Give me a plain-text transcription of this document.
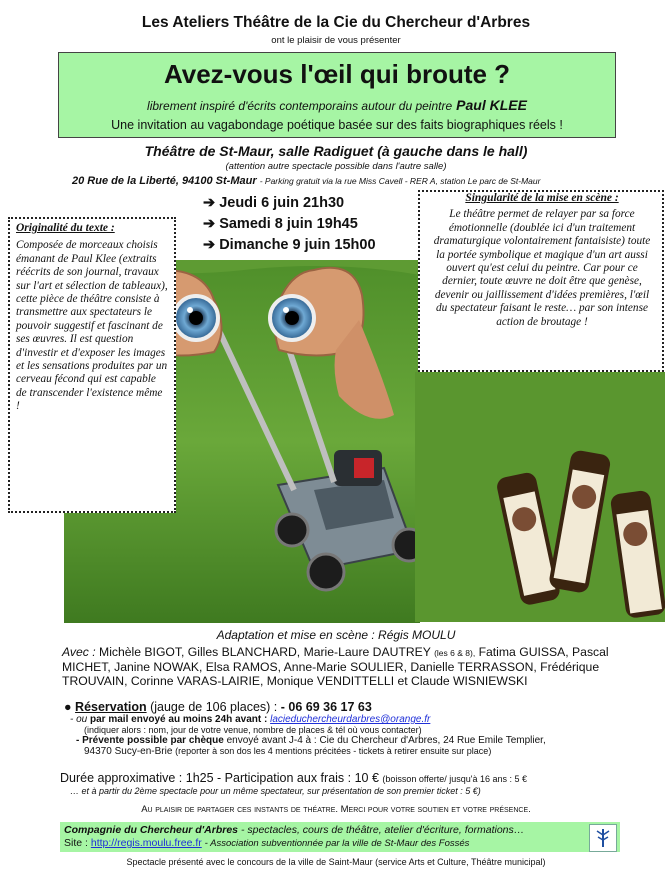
Les Ateliers Théâtre de la Cie du Chercheur d'Arbres
ont le plaisir de vous présenter
Avez-vous l'œil qui broute ?
librement inspiré d'écrits contemporains autour du peintre Paul KLEE
Une invitation au vagabondage poétique basée sur des faits biographiques réels !
Théâtre de St-Maur, salle Radiguet (à gauche dans le hall)
(attention autre spectacle possible dans l'autre salle)
20 Rue de la Liberté, 94100 St-Maur - Parking gratuit via la rue Miss Cavell - RER A, station Le parc de St-Maur
Originalité du texte :
Composée de morceaux choisis émanant de Paul Klee (extraits réécrits de son journal, travaux sur l'art et sélection de tableaux), cette pièce de théâtre consiste à transmettre aux spectateurs le pouvoir suggestif et fascinant de ses œuvres. Il est question d'investir et d'exposer les images et les sensations produites par un cerveau fécond qui est capable de transcender l'existence même !
Singularité de la mise en scène :
Le théâtre permet de relayer par sa force émotionnelle (doublée ici d'un traitement dramaturgique volontairement fantaisiste) toute la portée symbolique et magique d'un art aussi ouvert qu'est celui du peintre. Car pour ce dernier, toute œuvre ne doit être que genèse, devenir ou jaillissement d'idées premières, l'œil du spectateur faisant le reste… par son intense action de broutage !
➔ Jeudi 6 juin 21h30
➔ Samedi 8 juin 19h45
➔ Dimanche 9 juin 15h00
Adaptation et mise en scène : Régis MOULU
Avec : Michèle BIGOT, Gilles BLANCHARD, Marie-Laure DAUTREY (les 6 & 8), Fatima GUISSA, Pascal MICHET, Janine NOWAK, Elsa RAMOS, Anne-Marie SOULIER, Danielle TERRASSON, Frédérique TROUVAIN, Corinne VARAS-LAIRIE, Monique VENDITTELLI et Claude WISNIEWSKI
● Réservation (jauge de 106 places) : - 06 69 36 17 63
- ou par mail envoyé au moins 24h avant : lacieduchercheurdarbres@orange.fr
(indiquer alors : nom, jour de votre venue, nombre de places & tél où vous contacter)
- Prévente possible par chèque envoyé avant J-4 à : Cie du Chercheur d'Arbres, 24 Rue Emile Templier,
94370 Sucy-en-Brie (reporter à son dos les 4 mentions précitées - tickets à retirer ensuite sur place)
Durée approximative : 1h25 - Participation aux frais : 10 € (boisson offerte/ jusqu'à 16 ans : 5 €
… et à partir du 2ème spectacle pour un même spectateur, sur présentation de son premier ticket : 5 €)
Au plaisir de partager ces instants de théatre. Merci pour votre soutien et votre présence.
Compagnie du Chercheur d'Arbres - spectacles, cours de théâtre, atelier d'écriture, formations…
Site : http://regis.moulu.free.fr - Association subventionnée par la ville de St-Maur des Fossés
Spectacle présenté avec le concours de la ville de Saint-Maur (service Arts et Culture, Théâtre municipal)
